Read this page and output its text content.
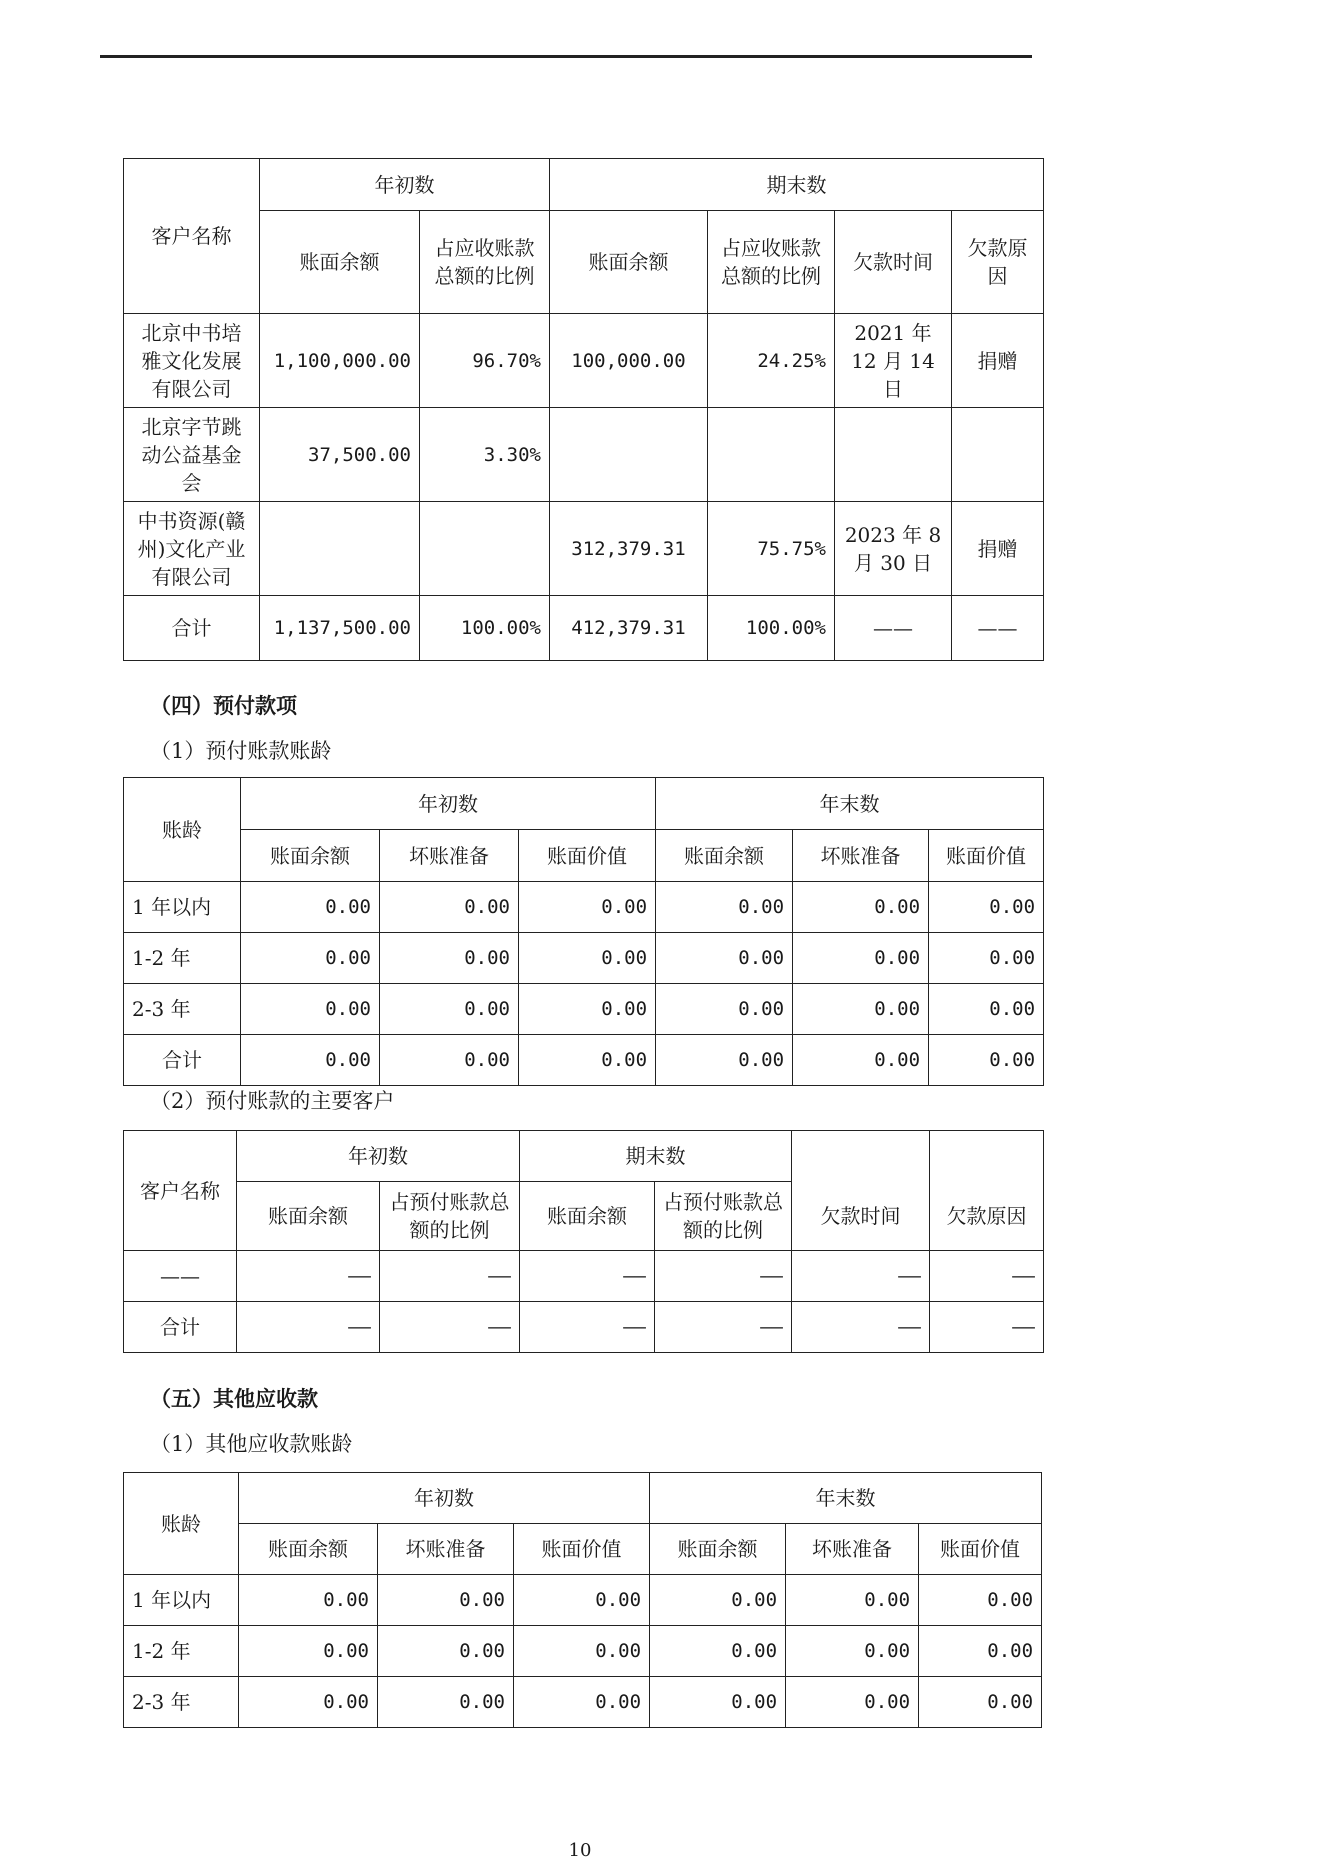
客户名称	年初数		期末数			
	账面余额	占应收账款总额的比例	账面余额	占应收账款总额的比例	欠款时间	欠款原因
北京中书培雅文化发展有限公司	1,100,000.00	96.70%	100,000.00	24.25%	2021 年 12 月 14 日	捐赠
北京字节跳动公益基金会	37,500.00	3.30%				
中书资源(赣州)文化产业有限公司			312,379.31	75.75%	2023 年 8 月 30 日	捐赠
合计	1,137,500.00	100.00%	412,379.31	100.00%	——	——
（四）预付款项
（1）预付账款账龄
账龄	年初数			年末数		
	账面余额	坏账准备	账面价值	账面余额	坏账准备	账面价值
1 年以内	0.00	0.00	0.00	0.00	0.00	0.00
1-2 年	0.00	0.00	0.00	0.00	0.00	0.00
2-3 年	0.00	0.00	0.00	0.00	0.00	0.00
合计	0.00	0.00	0.00	0.00	0.00	0.00
（2）预付账款的主要客户
客户名称	年初数		期末数			
	账面余额	占预付账款总额的比例	账面余额	占预付账款总额的比例	欠款时间	欠款原因
——	——	——	——	——	——	——
合计	——	——	——	——	——	——
（五）其他应收款
（1）其他应收款账龄
账龄	年初数			年末数		
	账面余额	坏账准备	账面价值	账面余额	坏账准备	账面价值
1 年以内	0.00	0.00	0.00	0.00	0.00	0.00
1-2 年	0.00	0.00	0.00	0.00	0.00	0.00
2-3 年	0.00	0.00	0.00	0.00	0.00	0.00
10
